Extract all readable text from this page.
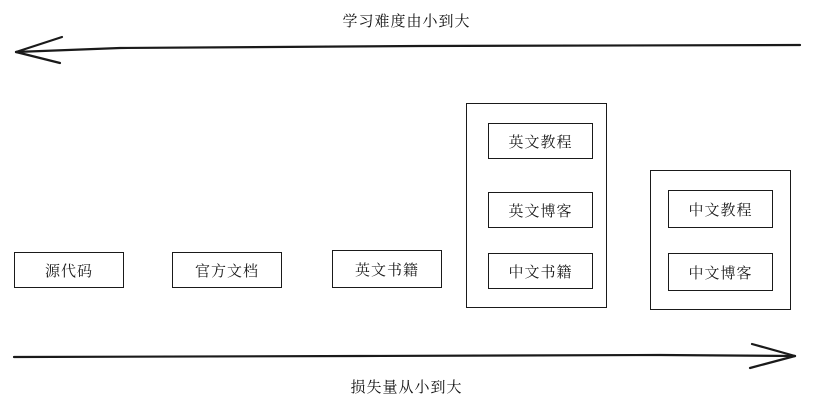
学习难度由小到大
损失量从小到大
源代码	官方文档	英文书籍
英文教程
英文博客
中文书籍
中文教程
中文博客
